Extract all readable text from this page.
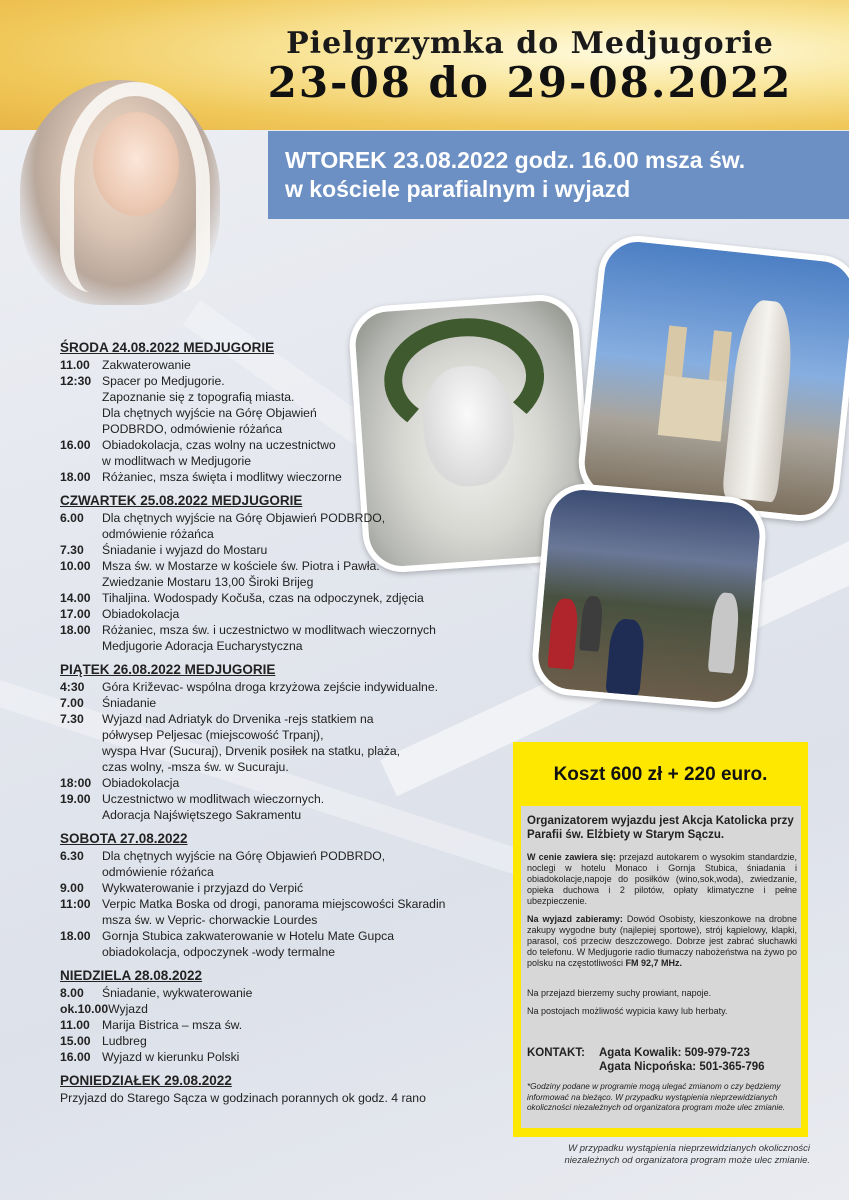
Pielgrzymka do Medjugorie
23-08 do 29-08.2022
WTOREK 23.08.2022 godz. 16.00 msza św.
w kościele parafialnym i wyjazd
ŚRODA 24.08.2022 MEDJUGORIE
11.00 Zakwaterowanie
12:30 Spacer po Medjugorie.
Zapoznanie się z topografią miasta.
Dla chętnych wyjście na Górę Objawień
PODBRDO, odmówienie różańca
16.00 Obiadokolacja, czas wolny na uczestnictwo
w modlitwach w Medjugorie
18.00 Różaniec, msza święta i modlitwy wieczorne
CZWARTEK 25.08.2022 MEDJUGORIE
6.00	Dla chętnych wyjście na Górę Objawień PODBRDO,
odmówienie różańca
7.30	Śniadanie i wyjazd do Mostaru
10.00 Msza św. w Mostarze w kościele św. Piotra i Pawła.
Zwiedzanie Mostaru 13,00 Široki Brijeg
14.00 Tihaljina. Wodospady Kočuša, czas na odpoczynek, zdjęcia
17.00 Obiadokolacja
18.00 Różaniec, msza św. i uczestnictwo w modlitwach wieczornych
Medjugorie Adoracja Eucharystyczna
PIĄTEK 26.08.2022 MEDJUGORIE
4:30	Góra Križevac- wspólna droga krzyżowa zejście indywidualne.
7.00	Śniadanie
7.30	Wyjazd nad Adriatyk do Drvenika -rejs statkiem na
półwysep Peljesac (miejscowość Trpanj),
wyspa Hvar (Sucuraj), Drvenik posiłek na statku, plaża,
czas wolny, -msza św. w Sucuraju.
18:00 Obiadokolacja
19.00 Uczestnictwo w modlitwach wieczornych.
Adoracja Najświętszego Sakramentu
SOBOTA 27.08.2022
6.30	Dla chętnych wyjście na Górę Objawień PODBRDO,
odmówienie różańca
9.00	Wykwaterowanie i przyjazd do Verpić
11:00 Verpic Matka Boska od drogi, panorama miejscowości Skaradin
msza św. w Vepric- chorwackie Lourdes
18.00 Gornja Stubica zakwaterowanie w Hotelu Mate Gupca
obiadokolacja, odpoczynek -wody termalne
NIEDZIELA 28.08.2022
8.00	Śniadanie, wykwaterowanie
ok.10.00 Wyjazd
11.00 Marija Bistrica – msza św.
15.00 Ludbreg
16.00 Wyjazd w kierunku Polski
PONIEDZIAŁEK 29.08.2022
Przyjazd do Starego Sącza w godzinach porannych ok godz. 4 rano
Koszt 600 zł + 220 euro.
Organizatorem wyjazdu jest Akcja Katolicka przy Parafii św. Elżbiety w Starym Sączu.
W cenie zawiera się: przejazd autokarem o wysokim standardzie, noclegi w hotelu Monaco i Gornja Stubica, śniadania i obiadokolacje,napoje do posiłków (wino,sok,woda), zwiedzanie, opieka duchowa i 2 pilotów, opłaty klimatyczne i pełne ubezpieczenie.
Na wyjazd zabieramy: Dowód Osobisty, kieszonkowe na drobne zakupy wygodne buty (najlepiej sportowe), strój kąpielowy, klapki, parasol, coś przeciw deszczowego. Dobrze jest zabrać słuchawki do telefonu. W Medjugorie radio tłumaczy nabożeństwa na żywo po polsku na częstotliwości FM 92,7 MHz.
Na przejazd bierzemy suchy prowiant, napoje.
Na postojach możliwość wypicia kawy lub herbaty.
KONTAKT:	Agata Kowalik: 509-979-723
Agata Nicpońska: 501-365-796
*Godziny podane w programie mogą ulegać zmianom o czy będziemy informować na bieżąco. W przypadku wystąpienia nieprzewidzianych okoliczności niezależnych od organizatora program może ulec zmianie.
W przypadku wystąpienia nieprzewidzianych okoliczności niezależnych od organizatora program może ulec zmianie.
